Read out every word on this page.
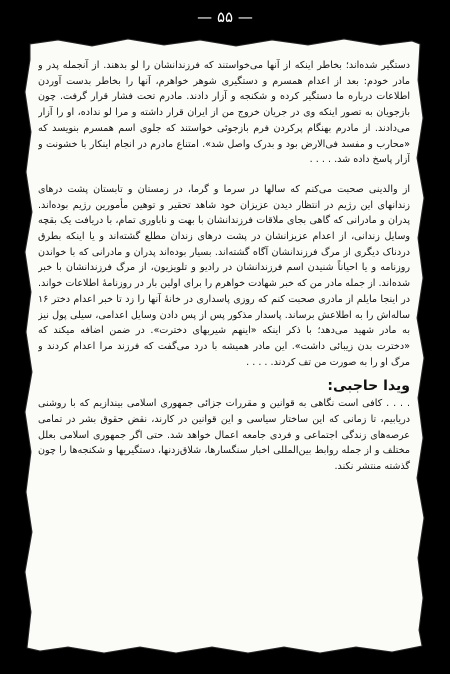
— ۵۵ —

دستگیر شده‌اند؛ بخاطر اینکه از آنها می‌خواستند که فرزندانشان را لو بدهند. از آنجمله پدر و مادر خودم: بعد از اعدام همسرم و دستگیری شوهر خواهرم، آنها را بخاطر بدست آوردن اطلاعات درباره ما دستگیر کرده و شکنجه و آزار دادند. مادرم تحت فشار قرار گرفت. چون بازجویان به تصور اینکه وی در جریان خروج من از ایران قرار داشته و مرا لو نداده، او را آزار می‌دادند. از مادرم بهنگام پرکردن فرم بازجوئی خواستند که جلوی اسم همسرم بنویسد که «محارب و مفسد فی‌الارض بود و بدرک واصل شد». امتناع مادرم در انجام اینکار با خشونت و آزار پاسخ داده شد. . . . .

از والدینی صحبت می‌کنم که سالها در سرما و گرما، در زمستان و تابستان پشت درهای زندانهای این رژیم در انتظار دیدن عزیزان خود شاهد تحقیر و توهین مأمورین رژیم بوده‌اند. پدران و مادرانی که گاهی بجای ملاقات فرزندانشان با بهت و ناباوری تمام، با دریافت یک بقچه وسایل زندانی، از اعدام عزیزانشان در پشت درهای زندان مطلع گشته‌اند و یا اینکه بطرق دردناک دیگری از مرگ فرزندانشان آگاه گشته‌اند. بسیار بوده‌اند پدران و مادرانی که با خواندن روزنامه و یا احیاناً شنیدن اسم فرزندانشان در رادیو و تلویزیون، از مرگ فرزندانشان با خبر شده‌اند. از جمله مادر من که خبر شهادت خواهرم را برای اولین بار در روزنامهٔ اطلاعات خواند. در اینجا مایلم از مادری صحبت کنم که روزی پاسداری در خانهٔ آنها را زد تا خبر اعدام دختر ۱۶ ساله‌اش را به اطلاعش برساند. پاسدار مذکور پس از پس دادن وسایل اعدامی، سیلی پول نیز به مادر شهید می‌دهد؛ با ذکر اینکه «اینهم شیربهای دخترت». در ضمن اضافه میکند که «دخترت بدن زیبائی داشت». این مادر همیشه با درد می‌گفت که فرزند مرا اعدام کردند و مرگ او را به صورت من تف کردند. . . . .

ویدا حاجبی:

. . . . کافی است نگاهی به قوانین و مقررات جزائی جمهوری اسلامی بیندازیم که با روشنی دریابیم، تا زمانی که این ساختار سیاسی و این قوانین در کارند، نقض حقوق بشر در تمامی عرصه‌های زندگی اجتماعی و فردی جامعه اعمال خواهد شد. حتی اگر جمهوری اسلامی بعلل مختلف و از جمله روابط بین‌المللی اخبار سنگسارها، شلاق‌زدنها، دستگیریها و شکنجه‌ها را چون گذشته منتشر نکند.
